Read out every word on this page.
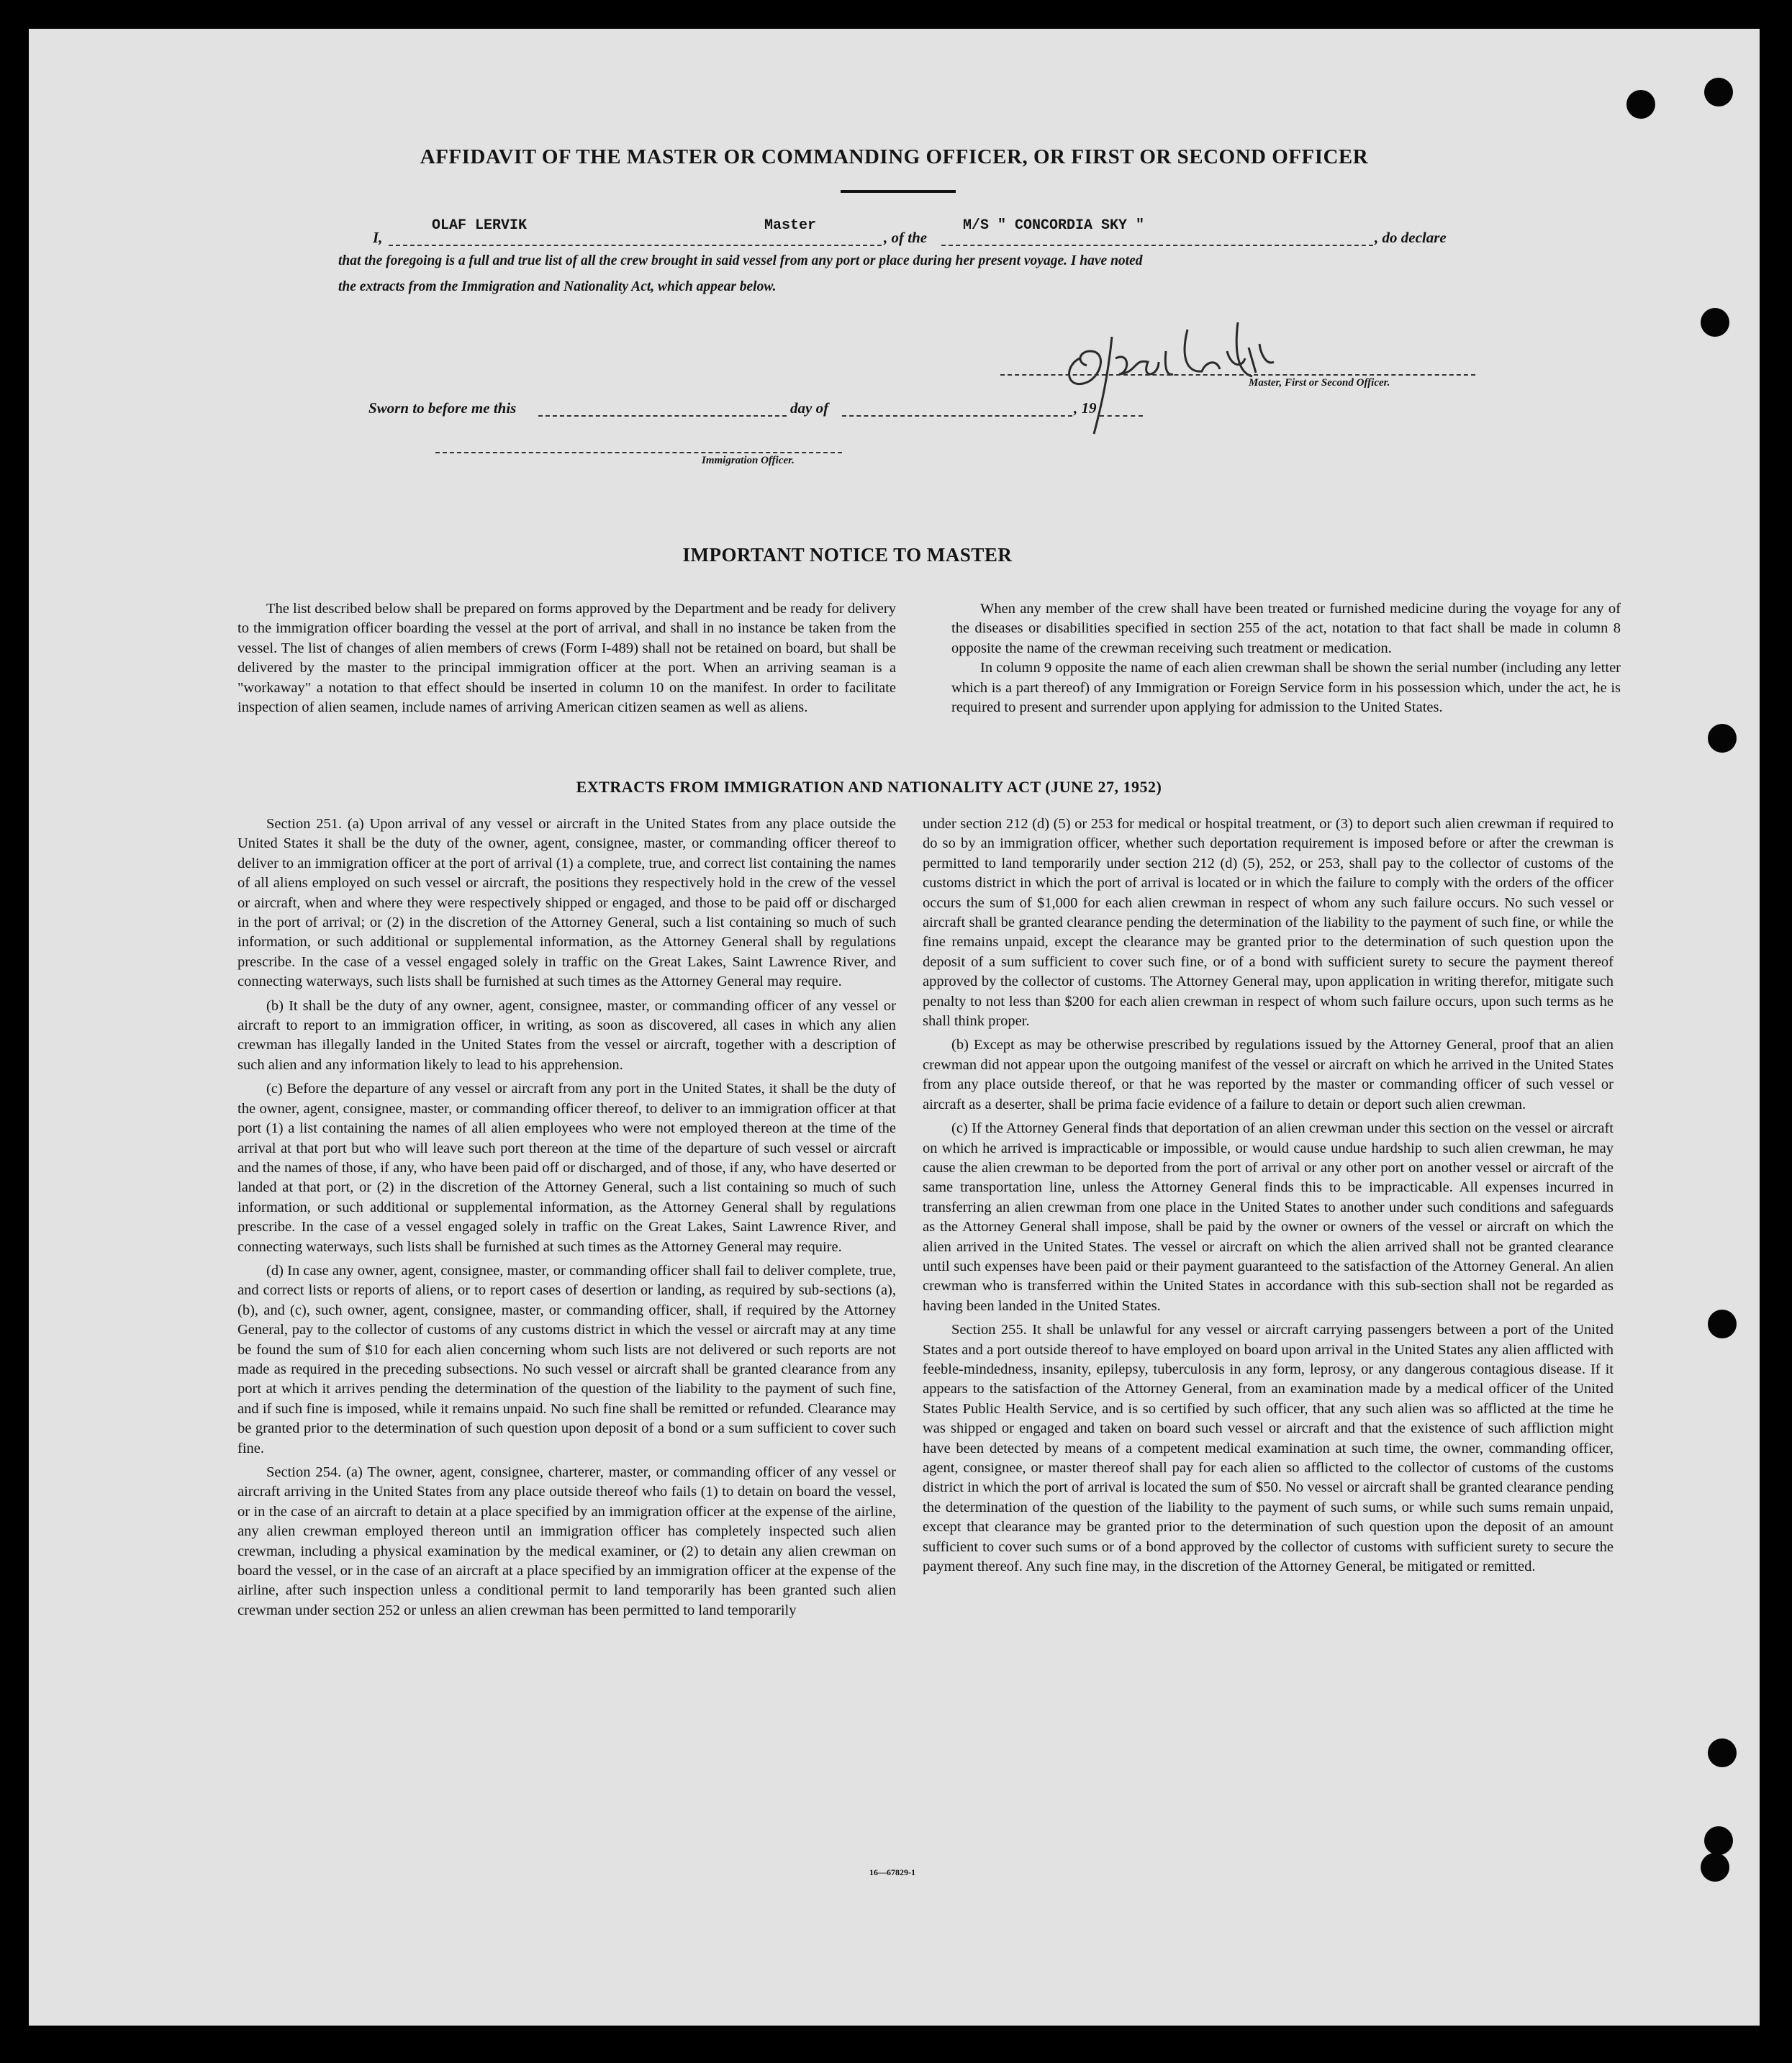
AFFIDAVIT OF THE MASTER OR COMMANDING OFFICER, OR FIRST OR SECOND OFFICER
I,
OLAF LERVIK	Master
, of the
M/S " CONCORDIA SKY "
, do declare
that the foregoing is a full and true list of all the crew brought in said vessel from any port or place during her present voyage. I have noted
the extracts from the Immigration and Nationality Act, which appear below.
Master, First or Second Officer.
Sworn to before me this	day of	, 19
Immigration Officer.
IMPORTANT NOTICE TO MASTER

The list described below shall be prepared on forms approved by the Department and be ready for delivery to the immigration officer boarding the vessel at the port of arrival, and shall in no instance be taken from the vessel. The list of changes of alien members of crews (Form I-489) shall not be retained on board, but shall be delivered by the master to the principal immigration officer at the port. When an arriving seaman is a "workaway" a notation to that effect should be inserted in column 10 on the manifest. In order to facilitate inspection of alien seamen, include names of arriving American citizen seamen as well as aliens.

When any member of the crew shall have been treated or furnished medicine during the voyage for any of the diseases or disabilities specified in section 255 of the act, notation to that fact shall be made in column 8 opposite the name of the crewman receiving such treatment or medication.

In column 9 opposite the name of each alien crewman shall be shown the serial number (including any letter which is a part thereof) of any Immigration or Foreign Service form in his possession which, under the act, he is required to present and surrender upon applying for admission to the United States.

EXTRACTS FROM IMMIGRATION AND NATIONALITY ACT (JUNE 27, 1952)

Section 251. (a) Upon arrival of any vessel or aircraft in the United States from any place outside the United States it shall be the duty of the owner, agent, consignee, master, or commanding officer thereof to deliver to an immigration officer at the port of arrival (1) a complete, true, and correct list containing the names of all aliens employed on such vessel or aircraft, the positions they respectively hold in the crew of the vessel or aircraft, when and where they were respectively shipped or engaged, and those to be paid off or discharged in the port of arrival; or (2) in the discretion of the Attorney General, such a list containing so much of such information, or such additional or supplemental information, as the Attorney General shall by regulations prescribe. In the case of a vessel engaged solely in traffic on the Great Lakes, Saint Lawrence River, and connecting waterways, such lists shall be furnished at such times as the Attorney General may require.

(b) It shall be the duty of any owner, agent, consignee, master, or commanding officer of any vessel or aircraft to report to an immigration officer, in writing, as soon as discovered, all cases in which any alien crewman has illegally landed in the United States from the vessel or aircraft, together with a description of such alien and any information likely to lead to his apprehension.

(c) Before the departure of any vessel or aircraft from any port in the United States, it shall be the duty of the owner, agent, consignee, master, or commanding officer thereof, to deliver to an immigration officer at that port (1) a list containing the names of all alien employees who were not employed thereon at the time of the arrival at that port but who will leave such port thereon at the time of the departure of such vessel or aircraft and the names of those, if any, who have been paid off or discharged, and of those, if any, who have deserted or landed at that port, or (2) in the discretion of the Attorney General, such a list containing so much of such information, or such additional or supplemental information, as the Attorney General shall by regulations prescribe. In the case of a vessel engaged solely in traffic on the Great Lakes, Saint Lawrence River, and connecting waterways, such lists shall be furnished at such times as the Attorney General may require.

(d) In case any owner, agent, consignee, master, or commanding officer shall fail to deliver complete, true, and correct lists or reports of aliens, or to report cases of desertion or landing, as required by sub-sections (a), (b), and (c), such owner, agent, consignee, master, or commanding officer, shall, if required by the Attorney General, pay to the collector of customs of any customs district in which the vessel or aircraft may at any time be found the sum of $10 for each alien concerning whom such lists are not delivered or such reports are not made as required in the preceding subsections. No such vessel or aircraft shall be granted clearance from any port at which it arrives pending the determination of the question of the liability to the payment of such fine, and if such fine is imposed, while it remains unpaid. No such fine shall be remitted or refunded. Clearance may be granted prior to the determination of such question upon deposit of a bond or a sum sufficient to cover such fine.

Section 254. (a) The owner, agent, consignee, charterer, master, or commanding officer of any vessel or aircraft arriving in the United States from any place outside thereof who fails (1) to detain on board the vessel, or in the case of an aircraft to detain at a place specified by an immigration officer at the expense of the airline, any alien crewman employed thereon until an immigration officer has completely inspected such alien crewman, including a physical examination by the medical examiner, or (2) to detain any alien crewman on board the vessel, or in the case of an aircraft at a place specified by an immigration officer at the expense of the airline, after such inspection unless a conditional permit to land temporarily has been granted such alien crewman under section 252 or unless an alien crewman has been permitted to land temporarily

under section 212 (d) (5) or 253 for medical or hospital treatment, or (3) to deport such alien crewman if required to do so by an immigration officer, whether such deportation requirement is imposed before or after the crewman is permitted to land temporarily under section 212 (d) (5), 252, or 253, shall pay to the collector of customs of the customs district in which the port of arrival is located or in which the failure to comply with the orders of the officer occurs the sum of $1,000 for each alien crewman in respect of whom any such failure occurs. No such vessel or aircraft shall be granted clearance pending the determination of the liability to the payment of such fine, or while the fine remains unpaid, except the clearance may be granted prior to the determination of such question upon the deposit of a sum sufficient to cover such fine, or of a bond with sufficient surety to secure the payment thereof approved by the collector of customs. The Attorney General may, upon application in writing therefor, mitigate such penalty to not less than $200 for each alien crewman in respect of whom such failure occurs, upon such terms as he shall think proper.

(b) Except as may be otherwise prescribed by regulations issued by the Attorney General, proof that an alien crewman did not appear upon the outgoing manifest of the vessel or aircraft on which he arrived in the United States from any place outside thereof, or that he was reported by the master or commanding officer of such vessel or aircraft as a deserter, shall be prima facie evidence of a failure to detain or deport such alien crewman.

(c) If the Attorney General finds that deportation of an alien crewman under this section on the vessel or aircraft on which he arrived is impracticable or impossible, or would cause undue hardship to such alien crewman, he may cause the alien crewman to be deported from the port of arrival or any other port on another vessel or aircraft of the same transportation line, unless the Attorney General finds this to be impracticable. All expenses incurred in transferring an alien crewman from one place in the United States to another under such conditions and safeguards as the Attorney General shall impose, shall be paid by the owner or owners of the vessel or aircraft on which the alien arrived in the United States. The vessel or aircraft on which the alien arrived shall not be granted clearance until such expenses have been paid or their payment guaranteed to the satisfaction of the Attorney General. An alien crewman who is transferred within the United States in accordance with this sub-section shall not be regarded as having been landed in the United States.

Section 255. It shall be unlawful for any vessel or aircraft carrying passengers between a port of the United States and a port outside thereof to have employed on board upon arrival in the United States any alien afflicted with feeble-mindedness, insanity, epilepsy, tuberculosis in any form, leprosy, or any dangerous contagious disease. If it appears to the satisfaction of the Attorney General, from an examination made by a medical officer of the United States Public Health Service, and is so certified by such officer, that any such alien was so afflicted at the time he was shipped or engaged and taken on board such vessel or aircraft and that the existence of such affliction might have been detected by means of a competent medical examination at such time, the owner, commanding officer, agent, consignee, or master thereof shall pay for each alien so afflicted to the collector of customs of the customs district in which the port of arrival is located the sum of $50. No vessel or aircraft shall be granted clearance pending the determination of the question of the liability to the payment of such sums, or while such sums remain unpaid, except that clearance may be granted prior to the determination of such question upon the deposit of an amount sufficient to cover such sums or of a bond approved by the collector of customs with sufficient surety to secure the payment thereof. Any such fine may, in the discretion of the Attorney General, be mitigated or remitted.

16—67829-1
